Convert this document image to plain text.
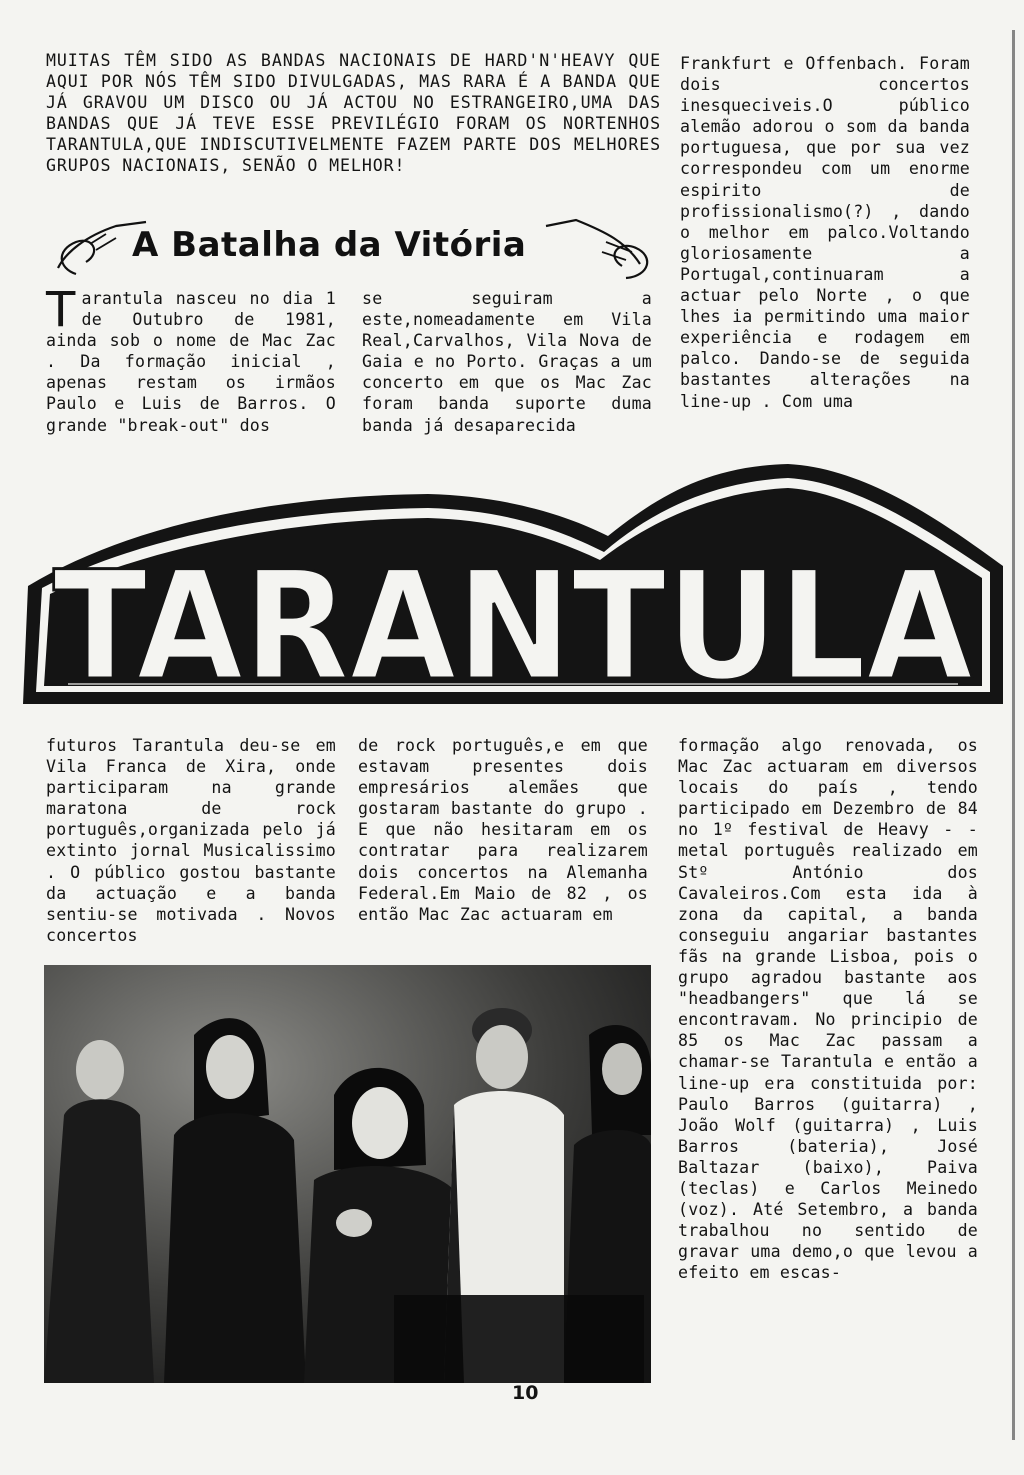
MUITAS TÊM SIDO AS BANDAS NACIONAIS DE HARD'N'HEAVY QUE AQUI POR NÓS TÊM SIDO DIVULGADAS, MAS RARA É A BANDA QUE JÁ GRAVOU UM DISCO OU JÁ ACTOU NO ESTRANGEIRO,UMA DAS BANDAS QUE JÁ TEVE ESSE PREVILÉGIO FORAM OS NORTENHOS TARANTULA,QUE INDISCUTIVELMENTE FAZEM PARTE DOS MELHORES GRUPOS NACIONAIS, SENÃO O MELHOR!

A Batalha da Vitória
T arantula nasceu no dia 1 de Outubro de 1981, ainda sob o nome de Mac Zac . Da formação inicial , apenas restam os irmãos Paulo e Luis de Barros. O grande "break-out" dos

se seguiram a este,nomeadamente em Vila Real,Carvalhos, Vila Nova de Gaia e no Porto. Graças a um concerto em que os Mac Zac foram banda suporte duma banda já desaparecida

Frankfurt e Offenbach. Foram dois concertos inesqueciveis.O público alemão adorou o som da banda portuguesa, que por sua vez correspondeu com um enorme espirito de profissionalismo(?) , dando o melhor em palco.Voltando gloriosamente a Portugal,continuaram a actuar pelo Norte , o que lhes ia permitindo uma maior experiência e rodagem em palco. Dando-se de seguida bastantes alterações na line-up . Com uma

TARANTULA

futuros Tarantula deu-se em Vila Franca de Xira, onde participaram na grande maratona de rock português,organizada pelo já extinto jornal Musicalissimo . O público gostou bastante da actuação e a banda sentiu-se motivada . Novos concertos

de rock português,e em que estavam presentes dois empresários alemães que gostaram bastante do grupo . E que não hesitaram em os contratar para realizarem dois concertos na Alemanha Federal.Em Maio de 82 , os então Mac Zac actuaram em

formação algo renovada, os Mac Zac actuaram em diversos locais do país , tendo participado em Dezembro de 84 no 1º festival de Heavy - -metal português realizado em Stº António dos Cavaleiros.Com esta ida à zona da capital, a banda conseguiu angariar bastantes fãs na grande Lisboa, pois o grupo agradou bastante aos "headbangers" que lá se encontravam. No principio de 85 os Mac Zac passam a chamar-se Tarantula e então a line-up era constituida por: Paulo Barros (guitarra) , João Wolf (guitarra) , Luis Barros (bateria), José Baltazar (baixo), Paiva (teclas) e Carlos Meinedo (voz). Até Setembro, a banda trabalhou no sentido de gravar uma demo,o que levou a efeito em escas-

10
